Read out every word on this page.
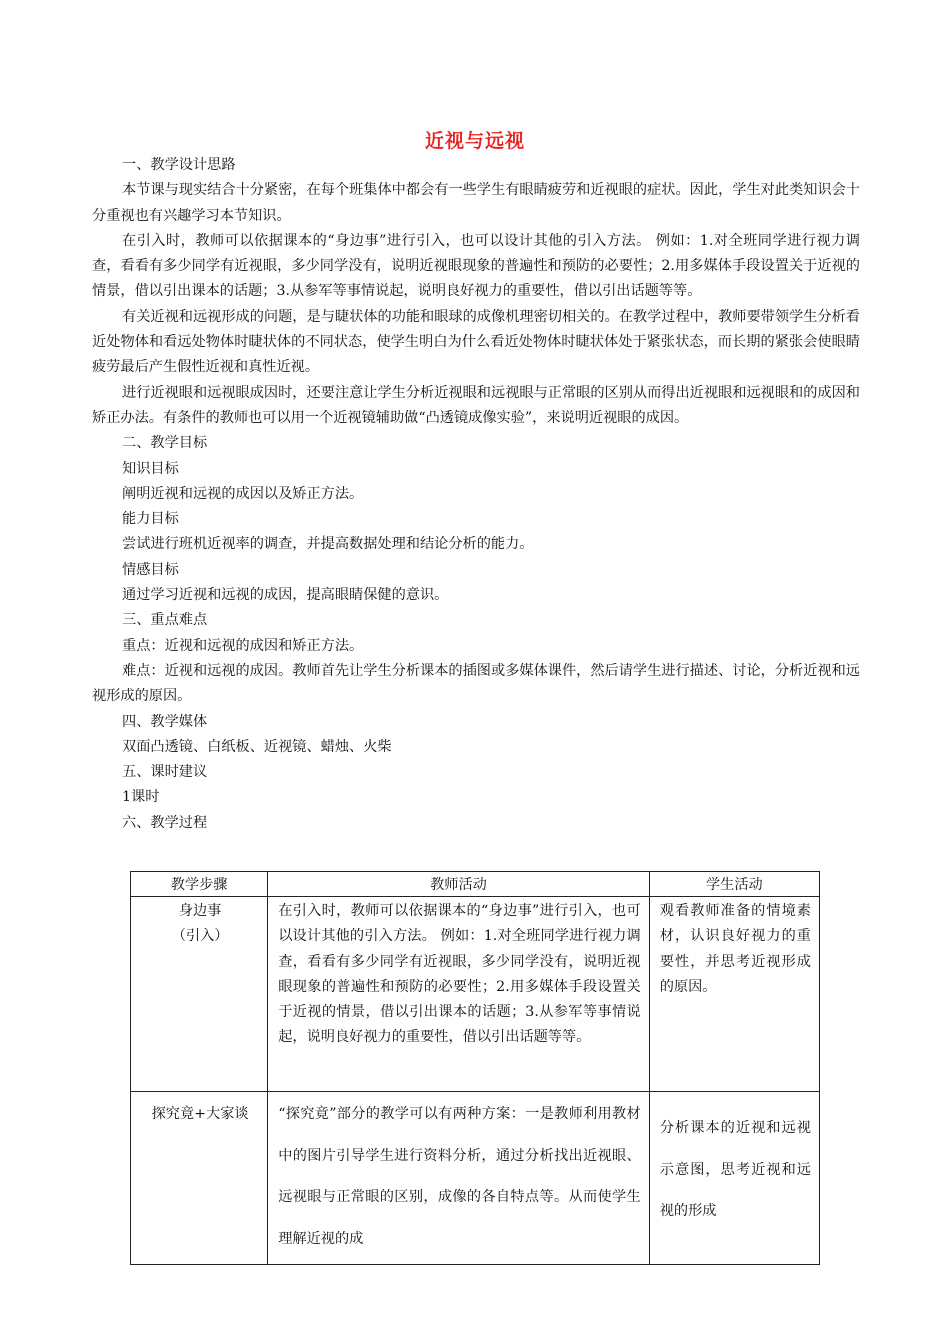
近视与远视

一、教学设计思路

本节课与现实结合十分紧密，在每个班集体中都会有一些学生有眼睛疲劳和近视眼的症状。因此，学生对此类知识会十分重视也有兴趣学习本节知识。

在引入时，教师可以依据课本的“身边事”进行引入，也可以设计其他的引入方法。 例如：1.对全班同学进行视力调查，看看有多少同学有近视眼，多少同学没有，说明近视眼现象的普遍性和预防的必要性；2.用多媒体手段设置关于近视的情景，借以引出课本的话题；3.从参军等事情说起，说明良好视力的重要性，借以引出话题等等。

有关近视和远视形成的问题，是与睫状体的功能和眼球的成像机理密切相关的。在教学过程中，教师要带领学生分析看近处物体和看远处物体时睫状体的不同状态，使学生明白为什么看近处物体时睫状体处于紧张状态，而长期的紧张会使眼睛疲劳最后产生假性近视和真性近视。

进行近视眼和远视眼成因时，还要注意让学生分析近视眼和远视眼与正常眼的区别从而得出近视眼和远视眼和的成因和矫正办法。有条件的教师也可以用一个近视镜辅助做“凸透镜成像实验”，来说明近视眼的成因。

二、教学目标

知识目标

阐明近视和远视的成因以及矫正方法。

能力目标

尝试进行班机近视率的调查，并提高数据处理和结论分析的能力。

情感目标

通过学习近视和远视的成因，提高眼睛保健的意识。

三、重点难点

重点：近视和远视的成因和矫正方法。

难点：近视和远视的成因。教师首先让学生分析课本的插图或多媒体课件，然后请学生进行描述、讨论，分析近视和远视形成的原因。

四、教学媒体

双面凸透镜、白纸板、近视镜、蜡烛、火柴

五、课时建议

1课时

六、教学过程

教学步骤	教师活动	学生活动

身边事
（引入）	在引入时，教师可以依据课本的“身边事”进行引入，也可以设计其他的引入方法。 例如：1.对全班同学进行视力调查，看看有多少同学有近视眼，多少同学没有，说明近视眼现象的普遍性和预防的必要性；2.用多媒体手段设置关于近视的情景，借以引出课本的话题；3.从参军等事情说起，说明良好视力的重要性，借以引出话题等等。	观看教师准备的情境素材，认识良好视力的重要性，并思考近视形成的原因。

探究竟+大家谈	“探究竟”部分的教学可以有两种方案：一是教师利用教材中的图片引导学生进行资料分析，通过分析找出近视眼、远视眼与正常眼的区别，成像的各自特点等。从而使学生理解近视的成	分析课本的近视和远视示意图，思考近视和远视的形成
